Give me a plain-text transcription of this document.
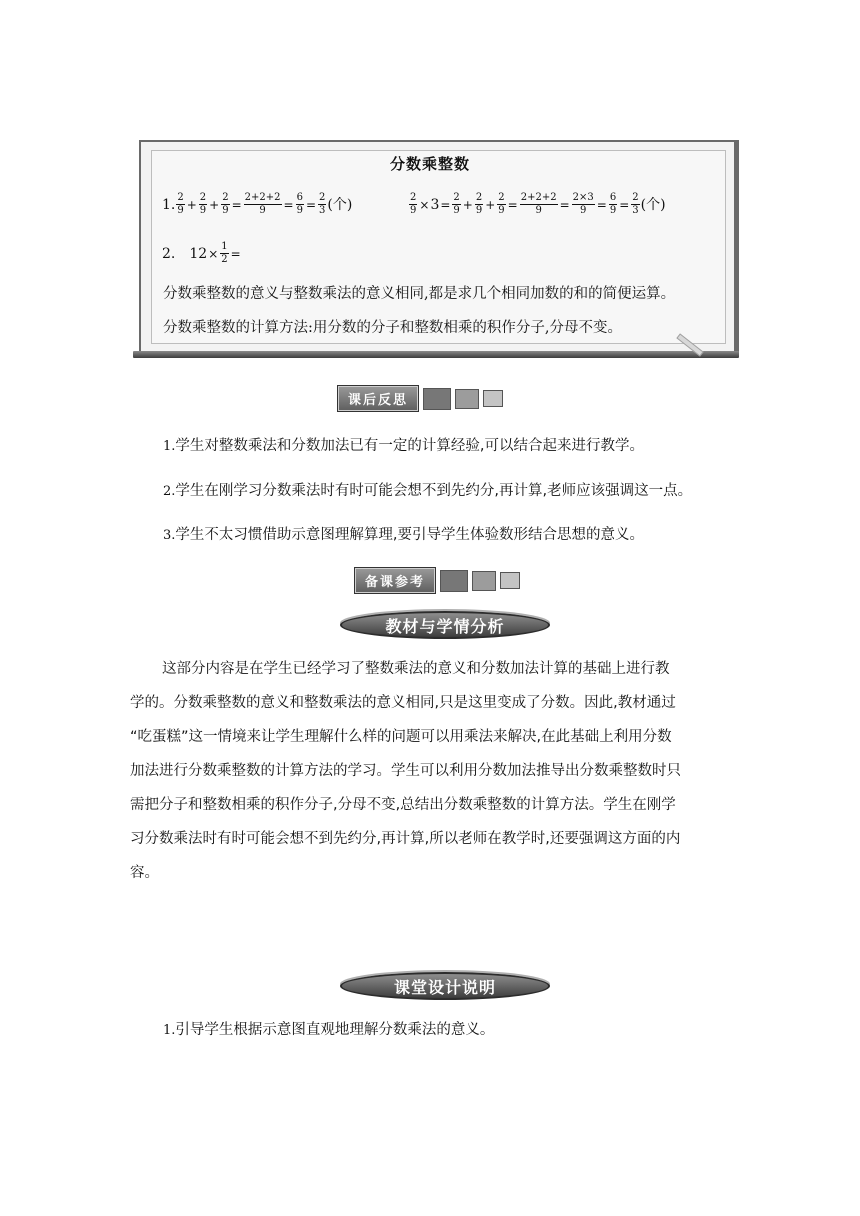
分数乘整数
1. $\frac{2}{9} + \frac{2}{9} + \frac{2}{9} = \frac{2+2+2}{9} = \frac{6}{9} = \frac{2}{3}$ (个)	$\frac{2}{9} \times 3 = \frac{2}{9} + \frac{2}{9} + \frac{2}{9} = \frac{2+2+2}{9} = \frac{2\times 3}{9} = \frac{6}{9} = \frac{2}{3}$ (个)
2. $12 \times \frac{1}{2}$ =
分数乘整数的意义与整数乘法的意义相同,都是求几个相同加数的和的简便运算。
分数乘整数的计算方法:用分数的分子和整数相乘的积作分子,分母不变。
课后反思
1.学生对整数乘法和分数加法已有一定的计算经验,可以结合起来进行教学。
2.学生在刚学习分数乘法时有时可能会想不到先约分,再计算,老师应该强调这一点。
3.学生不太习惯借助示意图理解算理,要引导学生体验数形结合思想的意义。
备课参考
教材与学情分析
这部分内容是在学生已经学习了整数乘法的意义和分数加法计算的基础上进行教
学的。分数乘整数的意义和整数乘法的意义相同,只是这里变成了分数。因此,教材通过
“吃蛋糕”这一情境来让学生理解什么样的问题可以用乘法来解决,在此基础上利用分数
加法进行分数乘整数的计算方法的学习。学生可以利用分数加法推导出分数乘整数时只
需把分子和整数相乘的积作分子,分母不变,总结出分数乘整数的计算方法。学生在刚学
习分数乘法时有时可能会想不到先约分,再计算,所以老师在教学时,还要强调这方面的内
容。
课堂设计说明
1.引导学生根据示意图直观地理解分数乘法的意义。
